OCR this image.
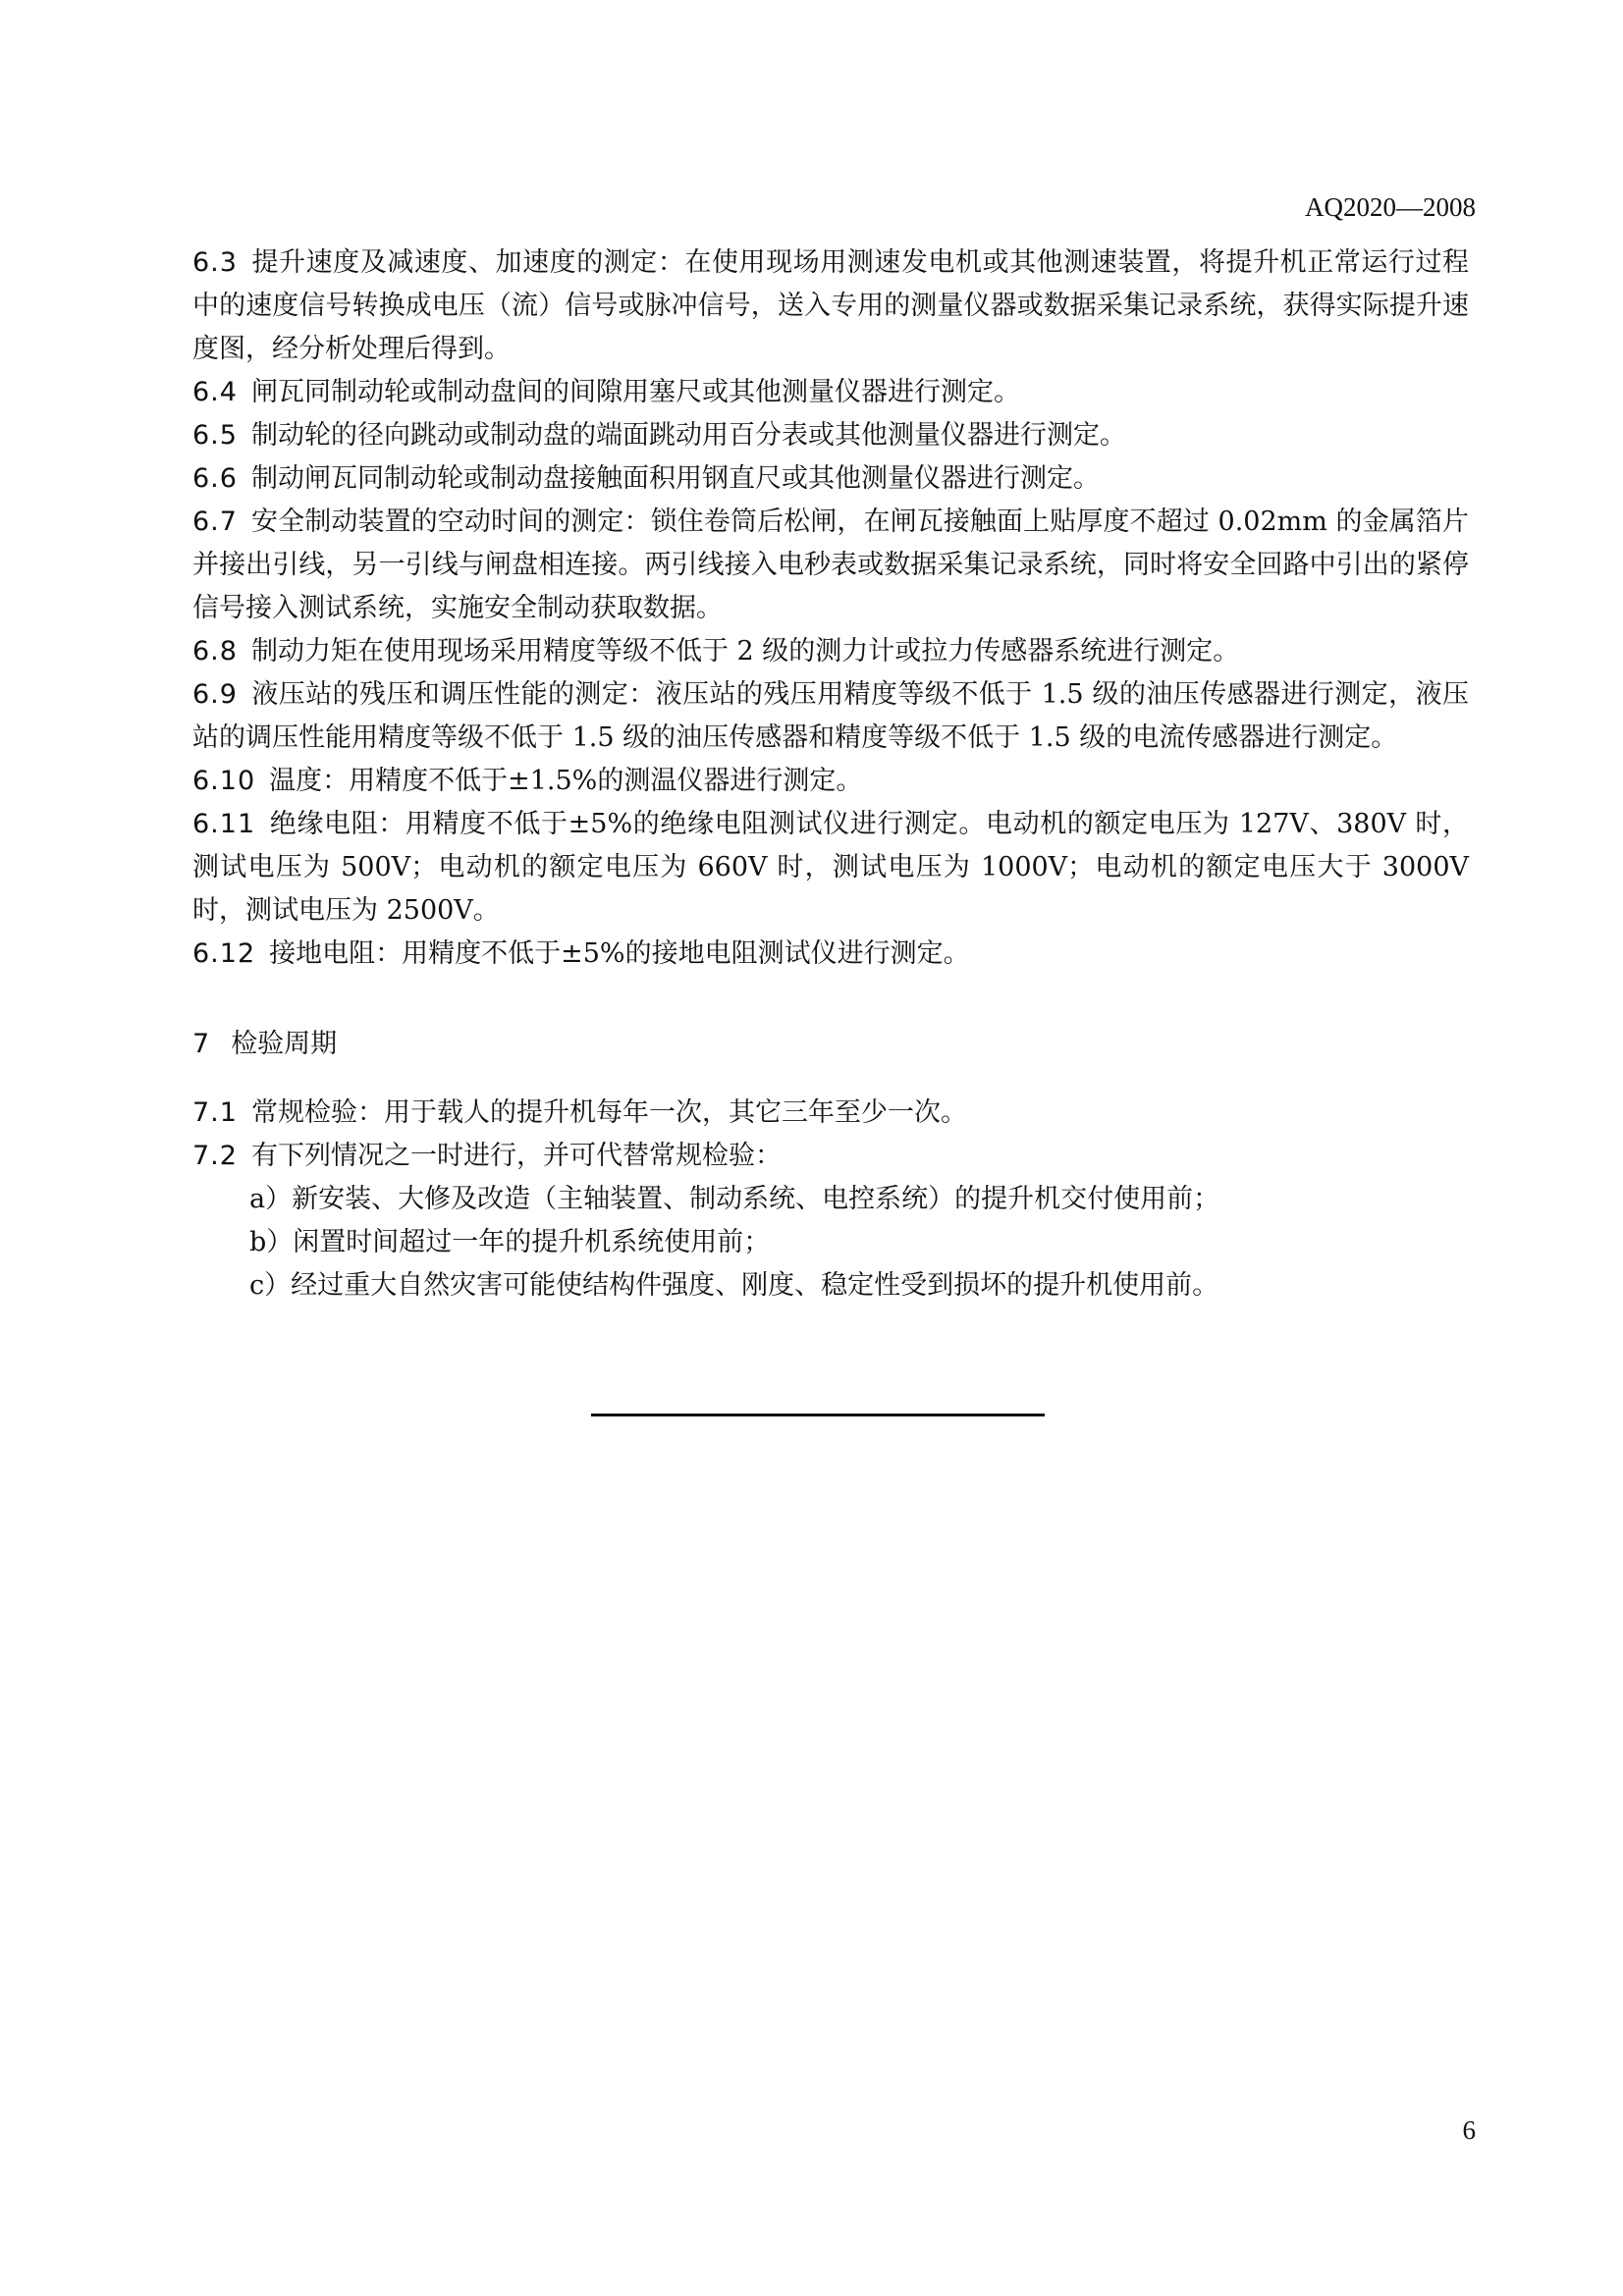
AQ2020—2008

6.3 提升速度及减速度、加速度的测定：在使用现场用测速发电机或其他测速装置，将提升机正常运行过程中的速度信号转换成电压（流）信号或脉冲信号，送入专用的测量仪器或数据采集记录系统，获得实际提升速度图，经分析处理后得到。

6.4 闸瓦同制动轮或制动盘间的间隙用塞尺或其他测量仪器进行测定。

6.5 制动轮的径向跳动或制动盘的端面跳动用百分表或其他测量仪器进行测定。

6.6 制动闸瓦同制动轮或制动盘接触面积用钢直尺或其他测量仪器进行测定。

6.7 安全制动装置的空动时间的测定：锁住卷筒后松闸，在闸瓦接触面上贴厚度不超过 0.02mm 的金属箔片并接出引线，另一引线与闸盘相连接。两引线接入电秒表或数据采集记录系统，同时将安全回路中引出的紧停信号接入测试系统，实施安全制动获取数据。

6.8 制动力矩在使用现场采用精度等级不低于 2 级的测力计或拉力传感器系统进行测定。

6.9 液压站的残压和调压性能的测定：液压站的残压用精度等级不低于 1.5 级的油压传感器进行测定，液压站的调压性能用精度等级不低于 1.5 级的油压传感器和精度等级不低于 1.5 级的电流传感器进行测定。

6.10 温度：用精度不低于±1.5%的测温仪器进行测定。

6.11 绝缘电阻：用精度不低于±5%的绝缘电阻测试仪进行测定。电动机的额定电压为 127V、380V 时，测试电压为 500V；电动机的额定电压为 660V 时，测试电压为 1000V；电动机的额定电压大于 3000V 时，测试电压为 2500V。

6.12 接地电阻：用精度不低于±5%的接地电阻测试仪进行测定。

7 检验周期

7.1 常规检验：用于载人的提升机每年一次，其它三年至少一次。

7.2 有下列情况之一时进行，并可代替常规检验：

a）新安装、大修及改造（主轴装置、制动系统、电控系统）的提升机交付使用前；

b）闲置时间超过一年的提升机系统使用前；

c）经过重大自然灾害可能使结构件强度、刚度、稳定性受到损坏的提升机使用前。

6
